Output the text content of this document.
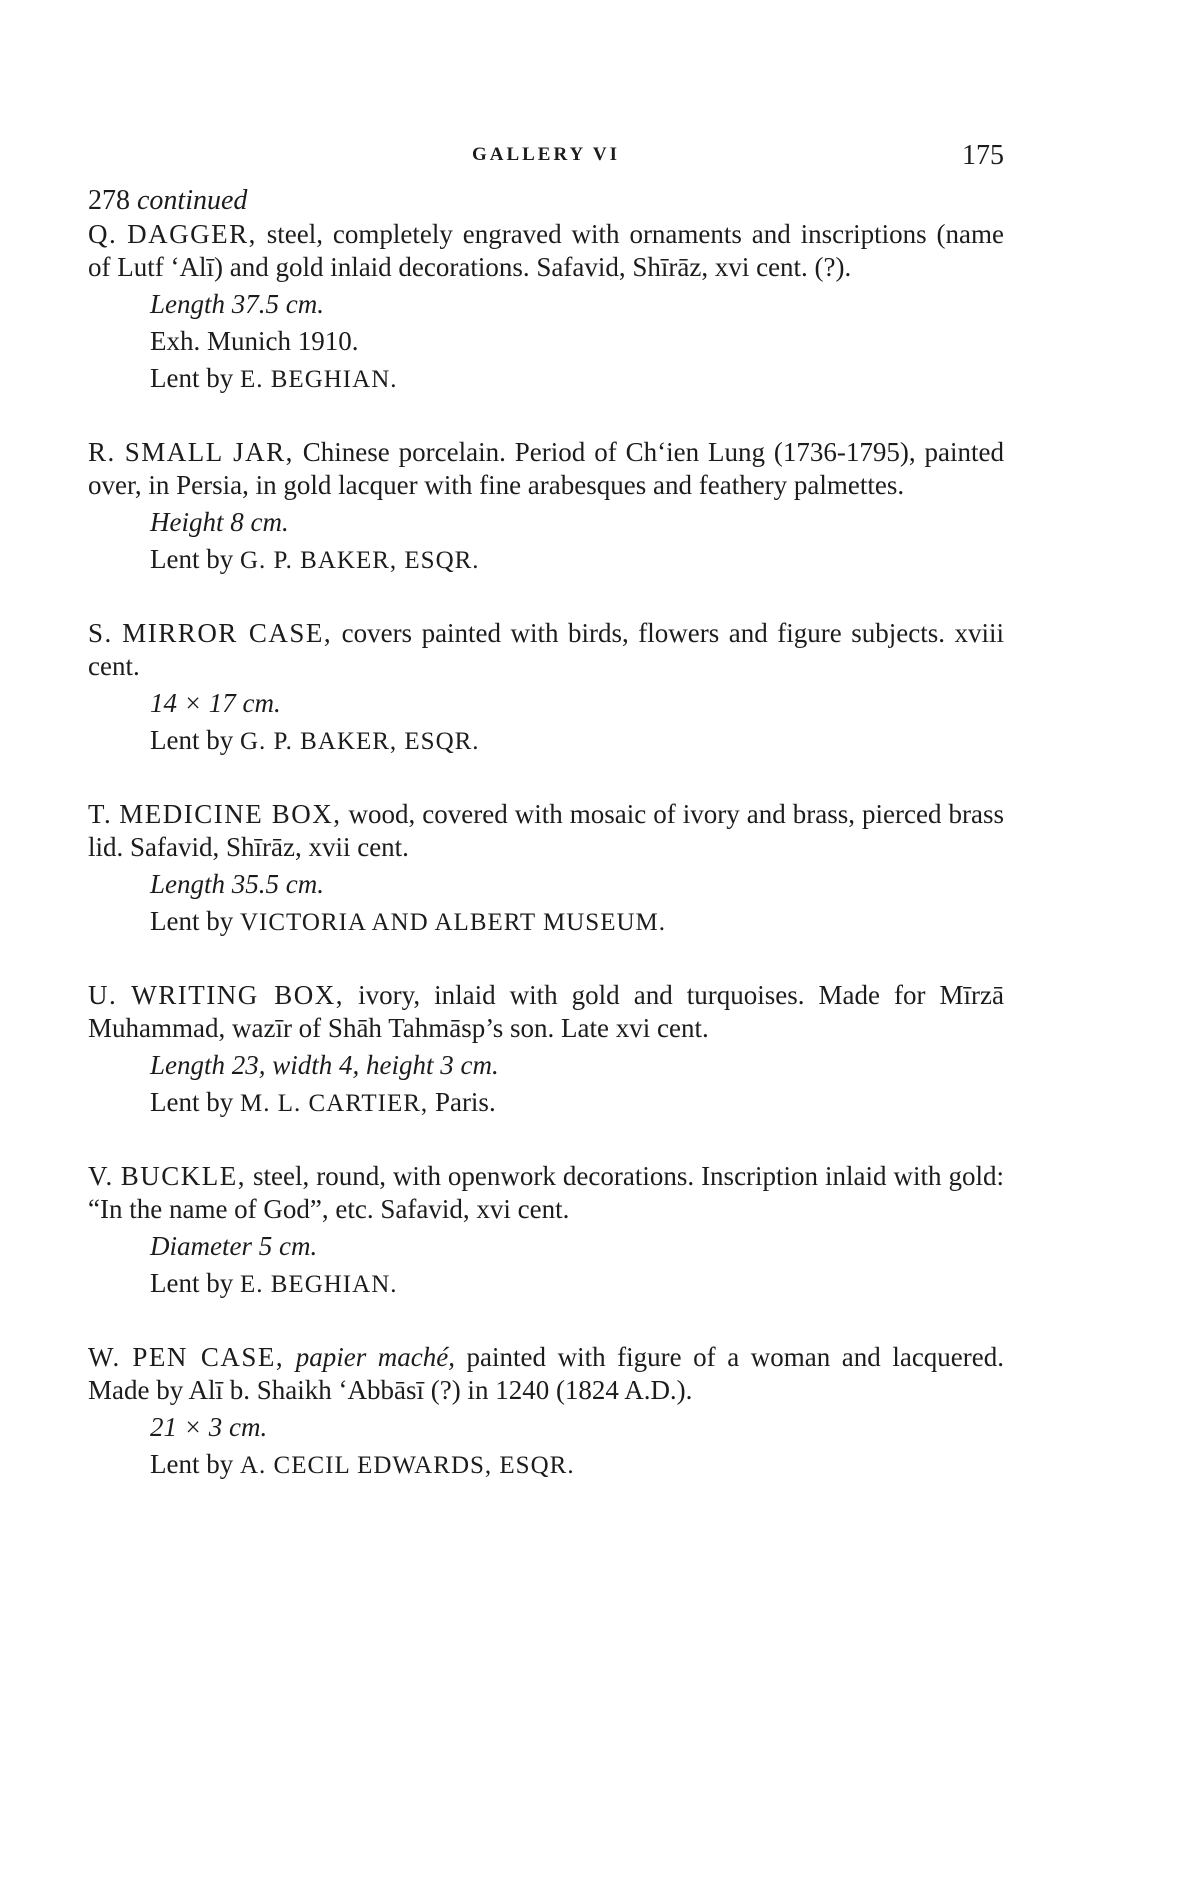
GALLERY VI	175
278 continued
Q. DAGGER, steel, completely engraved with ornaments and inscriptions (name of Lutf ‘Alī) and gold inlaid decorations. Safavid, Shīrāz, xvi cent. (?).
Length 37.5 cm.
Exh. Munich 1910.
Lent by E. BEGHIAN.
R. SMALL JAR, Chinese porcelain. Period of Ch‘ien Lung (1736-1795), painted over, in Persia, in gold lacquer with fine arabesques and feathery palmettes.
Height 8 cm.
Lent by G. P. BAKER, ESQR.
S. MIRROR CASE, covers painted with birds, flowers and figure subjects. xviii cent.
14 × 17 cm.
Lent by G. P. BAKER, ESQR.
T. MEDICINE BOX, wood, covered with mosaic of ivory and brass, pierced brass lid. Safavid, Shīrāz, xvii cent.
Length 35.5 cm.
Lent by VICTORIA AND ALBERT MUSEUM.
U. WRITING BOX, ivory, inlaid with gold and turquoises. Made for Mīrzā Muhammad, wazīr of Shāh Tahmāsp’s son. Late xvi cent.
Length 23, width 4, height 3 cm.
Lent by M. L. CARTIER, Paris.
V. BUCKLE, steel, round, with openwork decorations. Inscription inlaid with gold: “In the name of God”, etc. Safavid, xvi cent.
Diameter 5 cm.
Lent by E. BEGHIAN.
W. PEN CASE, papier maché, painted with figure of a woman and lacquered. Made by Alī b. Shaikh ‘Abbāsī (?) in 1240 (1824 A.D.).
21 × 3 cm.
Lent by A. CECIL EDWARDS, ESQR.
